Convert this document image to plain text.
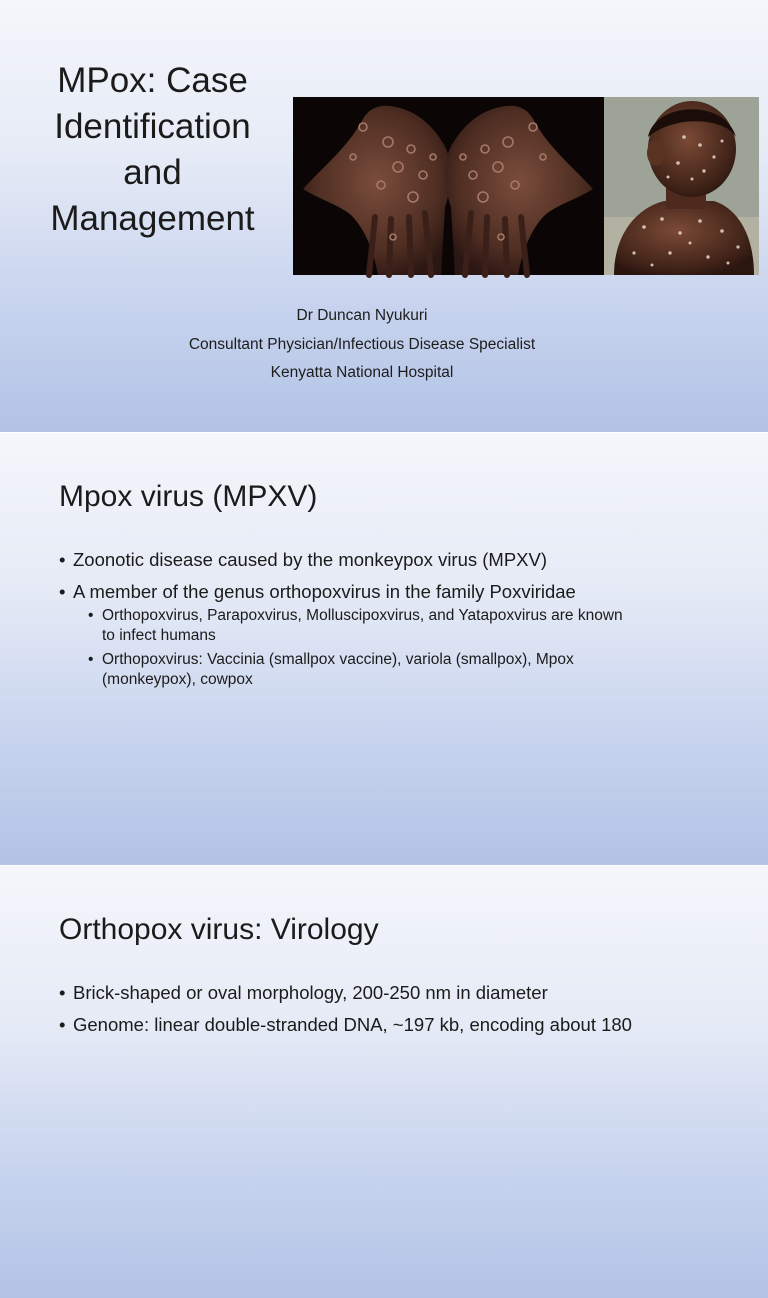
MPox: Case
Identification
and
Management
Dr Duncan Nyukuri
Consultant Physician/Infectious Disease Specialist
Kenyatta National Hospital
Mpox virus (MPXV)
• Zoonotic disease caused by the monkeypox virus (MPXV)
• A member of the genus orthopoxvirus in the family Poxviridae
• Orthopoxvirus, Parapoxvirus, Molluscipoxvirus, and Yatapoxvirus are known
to infect humans
• Orthopoxvirus: Vaccinia (smallpox vaccine), variola (smallpox), Mpox
(monkeypox), cowpox
Orthopox virus: Virology
• Brick-shaped or oval morphology, 200-250 nm in diameter
• Genome: linear double-stranded DNA, ~197 kb, encoding about 180
